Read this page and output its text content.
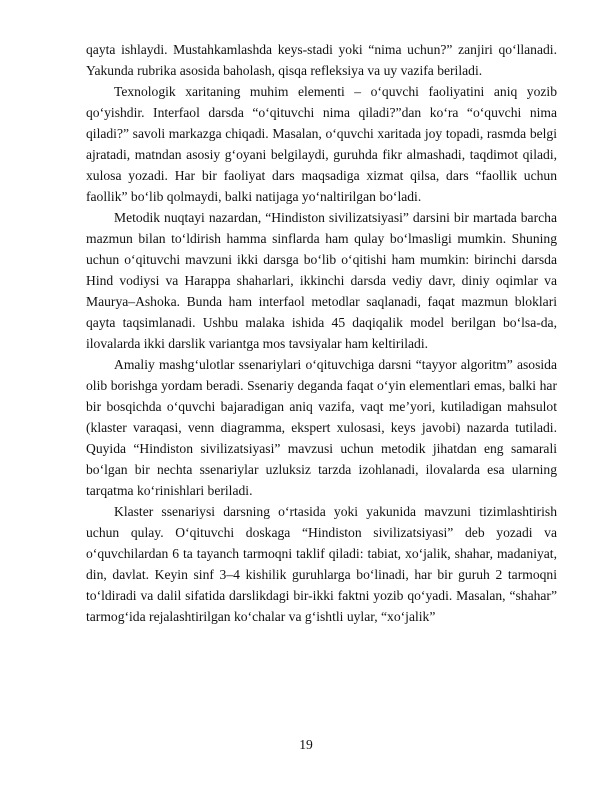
qayta ishlaydi. Mustahkamlashda keys-stadi yoki “nima uchun?” zanjiri qo‘llanadi. Yakunda rubrika asosida baholash, qisqa refleksiya va uy vazifa beriladi.

Texnologik xaritaning muhim elementi – o‘quvchi faoliyatini aniq yozib qo‘yishdir. Interfaol darsda “o‘qituvchi nima qiladi?”dan ko‘ra “o‘quvchi nima qiladi?” savoli markazga chiqadi. Masalan, o‘quvchi xaritada joy topadi, rasmda belgi ajratadi, matndan asosiy g‘oyani belgilaydi, guruhda fikr almashadi, taqdimot qiladi, xulosa yozadi. Har bir faoliyat dars maqsadiga xizmat qilsa, dars “faollik uchun faollik” bo‘lib qolmaydi, balki natijaga yo‘naltirilgan bo‘ladi.

Metodik nuqtayi nazardan, “Hindiston sivilizatsiyasi” darsini bir martada barcha mazmun bilan to‘ldirish hamma sinflarda ham qulay bo‘lmasligi mumkin. Shuning uchun o‘qituvchi mavzuni ikki darsga bo‘lib o‘qitishi ham mumkin: birinchi darsda Hind vodiysi va Harappa shaharlari, ikkinchi darsda vediy davr, diniy oqimlar va Maurya–Ashoka. Bunda ham interfaol metodlar saqlanadi, faqat mazmun bloklari qayta taqsimlanadi. Ushbu malaka ishida 45 daqiqalik model berilgan bo‘lsa-da, ilovalarda ikki darslik variantga mos tavsiyalar ham keltiriladi.

Amaliy mashg‘ulotlar ssenariylari o‘qituvchiga darsni “tayyor algoritm” asosida olib borishga yordam beradi. Ssenariy deganda faqat o‘yin elementlari emas, balki har bir bosqichda o‘quvchi bajaradigan aniq vazifa, vaqt me’yori, kutiladigan mahsulot (klaster varaqasi, venn diagramma, ekspert xulosasi, keys javobi) nazarda tutiladi. Quyida “Hindiston sivilizatsiyasi” mavzusi uchun metodik jihatdan eng samarali bo‘lgan bir nechta ssenariylar uzluksiz tarzda izohlanadi, ilovalarda esa ularning tarqatma ko‘rinishlari beriladi.

Klaster ssenariysi darsning o‘rtasida yoki yakunida mavzuni tizimlashtirish uchun qulay. O‘qituvchi doskaga “Hindiston sivilizatsiyasi” deb yozadi va o‘quvchilardan 6 ta tayanch tarmoqni taklif qiladi: tabiat, xo‘jalik, shahar, madaniyat, din, davlat. Keyin sinf 3–4 kishilik guruhlarga bo‘linadi, har bir guruh 2 tarmoqni to‘ldiradi va dalil sifatida darslikdagi bir-ikki faktni yozib qo‘yadi. Masalan, “shahar” tarmog‘ida rejalashtirilgan ko‘chalar va g‘ishtli uylar, “xo‘jalik”

19
